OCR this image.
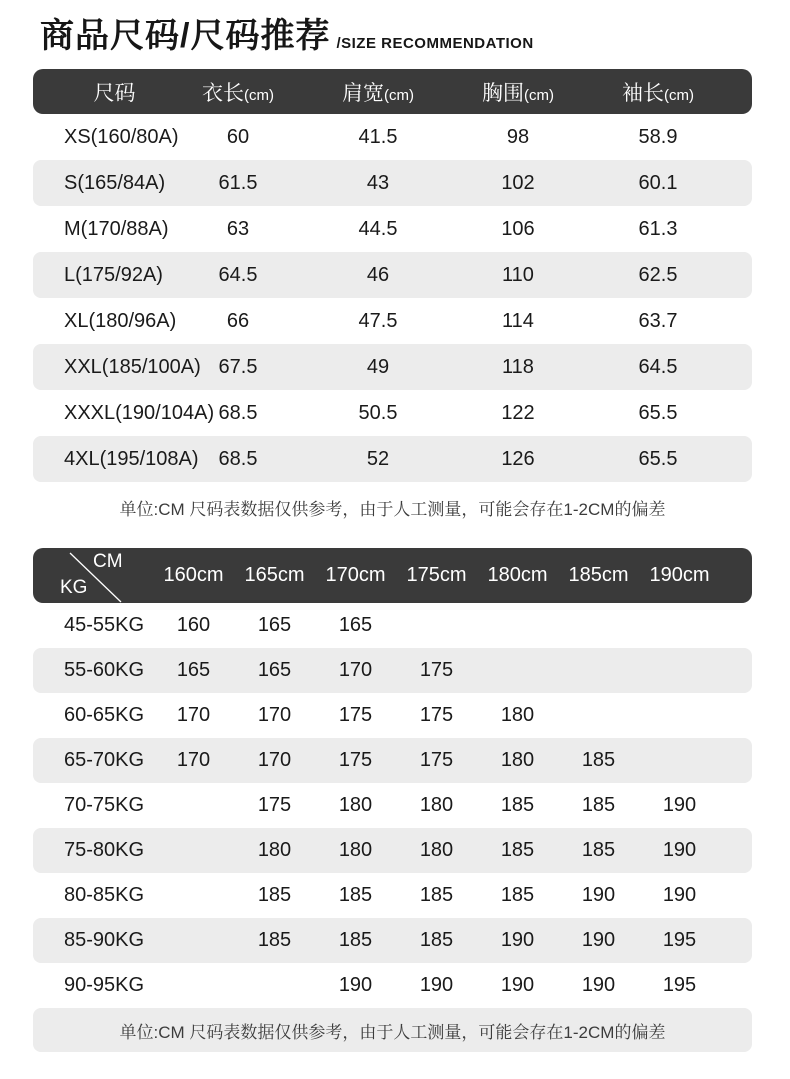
商品尺码/尺码推荐 /SIZE RECOMMENDATION
尺码	衣长(cm)	肩宽(cm)	胸围(cm)	袖长(cm)	
XS(160/80A)	60	41.5	98	58.9	
S(165/84A)	61.5	43	102	60.1	
M(170/88A)	63	44.5	106	61.3	
L(175/92A)	64.5	46	110	62.5	
XL(180/96A)	66	47.5	114	63.7	
XXL(185/100A)	67.5	49	118	64.5	
XXXL(190/104A)	68.5	50.5	122	65.5	
4XL(195/108A)	68.5	52	126	65.5	
单位:CM 尺码表数据仅供参考，由于人工测量，可能会存在1-2CM的偏差
CM
KG	160cm	165cm	170cm	175cm	180cm	185cm	190cm	
45-55KG	160	165	165					
55-60KG	165	165	170	175				
60-65KG	170	170	175	175	180			
65-70KG	170	170	175	175	180	185		
70-75KG		175	180	180	185	185	190	
75-80KG		180	180	180	185	185	190	
80-85KG		185	185	185	185	190	190	
85-90KG		185	185	185	190	190	195	
90-95KG			190	190	190	190	195	
单位:CM 尺码表数据仅供参考，由于人工测量，可能会存在1-2CM的偏差
